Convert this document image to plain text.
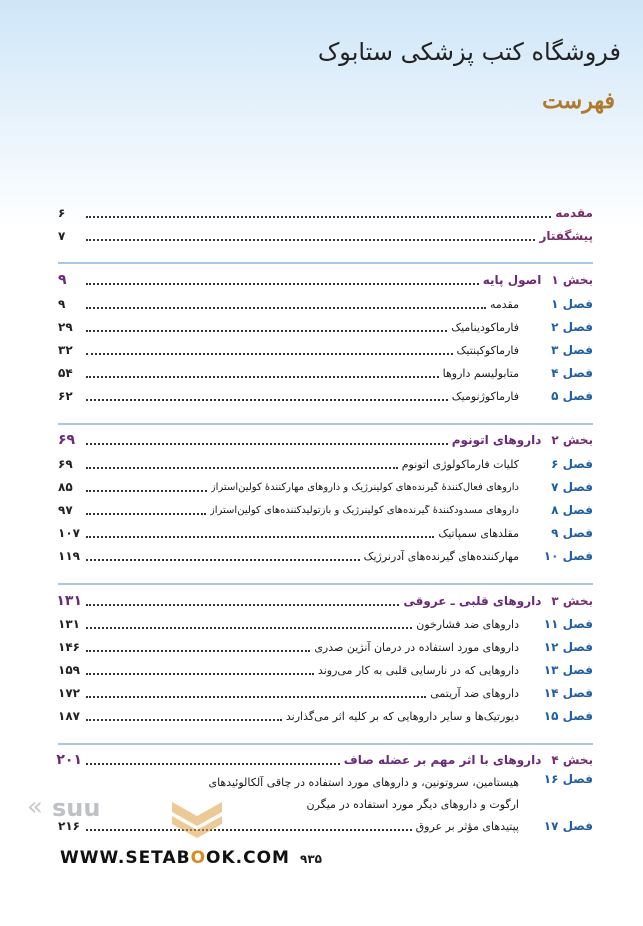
فروشگاه کتب پزشکی ستابوک
فهرست
مقدمه
۶
پیشگفتار
۷
بخش ۱
اصول پایه
۹
فصل ۱
مقدمه
۹
فصل ۲
فارماکودینامیک
۲۹
فصل ۳
فارماکوکینتیک
۳۲
فصل ۴
متابولیسم داروها
۵۴
فصل ۵
فارماکوژنومیک
۶۲
بخش ۲
داروهای اتونوم
۶۹
فصل ۶
کلیات فارماکولوژی اتونوم
۶۹
فصل ۷
داروهای فعال‌کنندهٔ گیرنده‌های کولینرژیک و داروهای مهارکنندهٔ کولین‌استراز
۸۵
فصل ۸
داروهای مسدودکنندهٔ گیرنده‌های کولینرژیک و بازتولیدکننده‌های کولین‌استراز
۹۷
فصل ۹
مقلدهای سمپاتیک
۱۰۷
فصل ۱۰
مهارکننده‌های گیرنده‌های آدرنرژیک
۱۱۹
بخش ۳
داروهای قلبی ـ عروقی
۱۳۱
فصل ۱۱
داروهای ضد فشارخون
۱۳۱
فصل ۱۲
داروهای مورد استفاده در درمان آنژین صدری
۱۴۶
فصل ۱۳
داروهایی که در نارسایی قلبی به کار می‌روند
۱۵۹
فصل ۱۴
داروهای ضد آریتمی
۱۷۲
فصل ۱۵
دیورتیک‌ها و سایر داروهایی که بر کلیه اثر می‌گذارند
۱۸۷
بخش ۴
داروهای با اثر مهم بر عضله صاف
۲۰۱
فصل ۱۶
هیستامین، سروتونین، و داروهای مورد استفاده در چاقی آلکالوئیدهای ارگوت و داروهای دیگر مورد استفاده در میگرن
فصل ۱۷
پپتیدهای مؤثر بر عروق
۲۱۶
« suu
WWW.SETABOOK.COM ۹۳۵
